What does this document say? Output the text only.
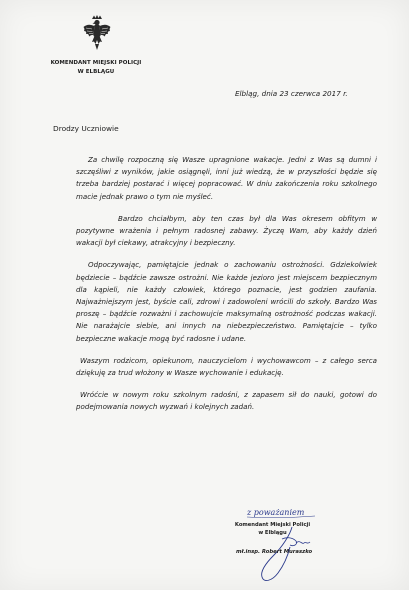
KOMENDANT MIEJSKI POLICJI
W ELBLĄGU
Elbląg, dnia 23 czerwca 2017 r.
Drodzy Uczniowie

Za chwilę rozpoczną się Wasze upragnione wakacje. Jedni z Was są dumni i szczęśliwi z wyników, jakie osiągnęli, inni już wiedzą, że w przyszłości będzie się trzeba bardziej postarać i więcej popracować. W dniu zakończenia roku szkolnego macie jednak prawo o tym nie myśleć.

Bardzo chciałbym, aby ten czas był dla Was okresem obfitym w pozytywne wrażenia i pełnym radosnej zabawy. Życzę Wam, aby każdy dzień wakacji był ciekawy, atrakcyjny i bezpieczny.

Odpoczywając, pamiętajcie jednak o zachowaniu ostrożności. Gdziekolwiek będziecie – bądźcie zawsze ostrożni. Nie każde jezioro jest miejscem bezpiecznym dla kąpieli, nie każdy człowiek, którego poznacie, jest godzien zaufania. Najważniejszym jest, byście cali, zdrowi i zadowoleni wrócili do szkoły. Bardzo Was proszę – bądźcie rozważni i zachowujcie maksymalną ostrożność podczas wakacji. Nie narażajcie siebie, ani innych na niebezpieczeństwo. Pamiętajcie – tylko bezpieczne wakacje mogą być radosne i udane.

Waszym rodzicom, opiekunom, nauczycielom i wychowawcom – z całego serca dziękuję za trud włożony w Wasze wychowanie i edukację.

Wróćcie w nowym roku szkolnym radośni, z zapasem sił do nauki, gotowi do podejmowania nowych wyzwań i kolejnych zadań.

z poważaniem
Komendant Miejski Policji
w Elblągu
mł.insp. Robert Muraszko
